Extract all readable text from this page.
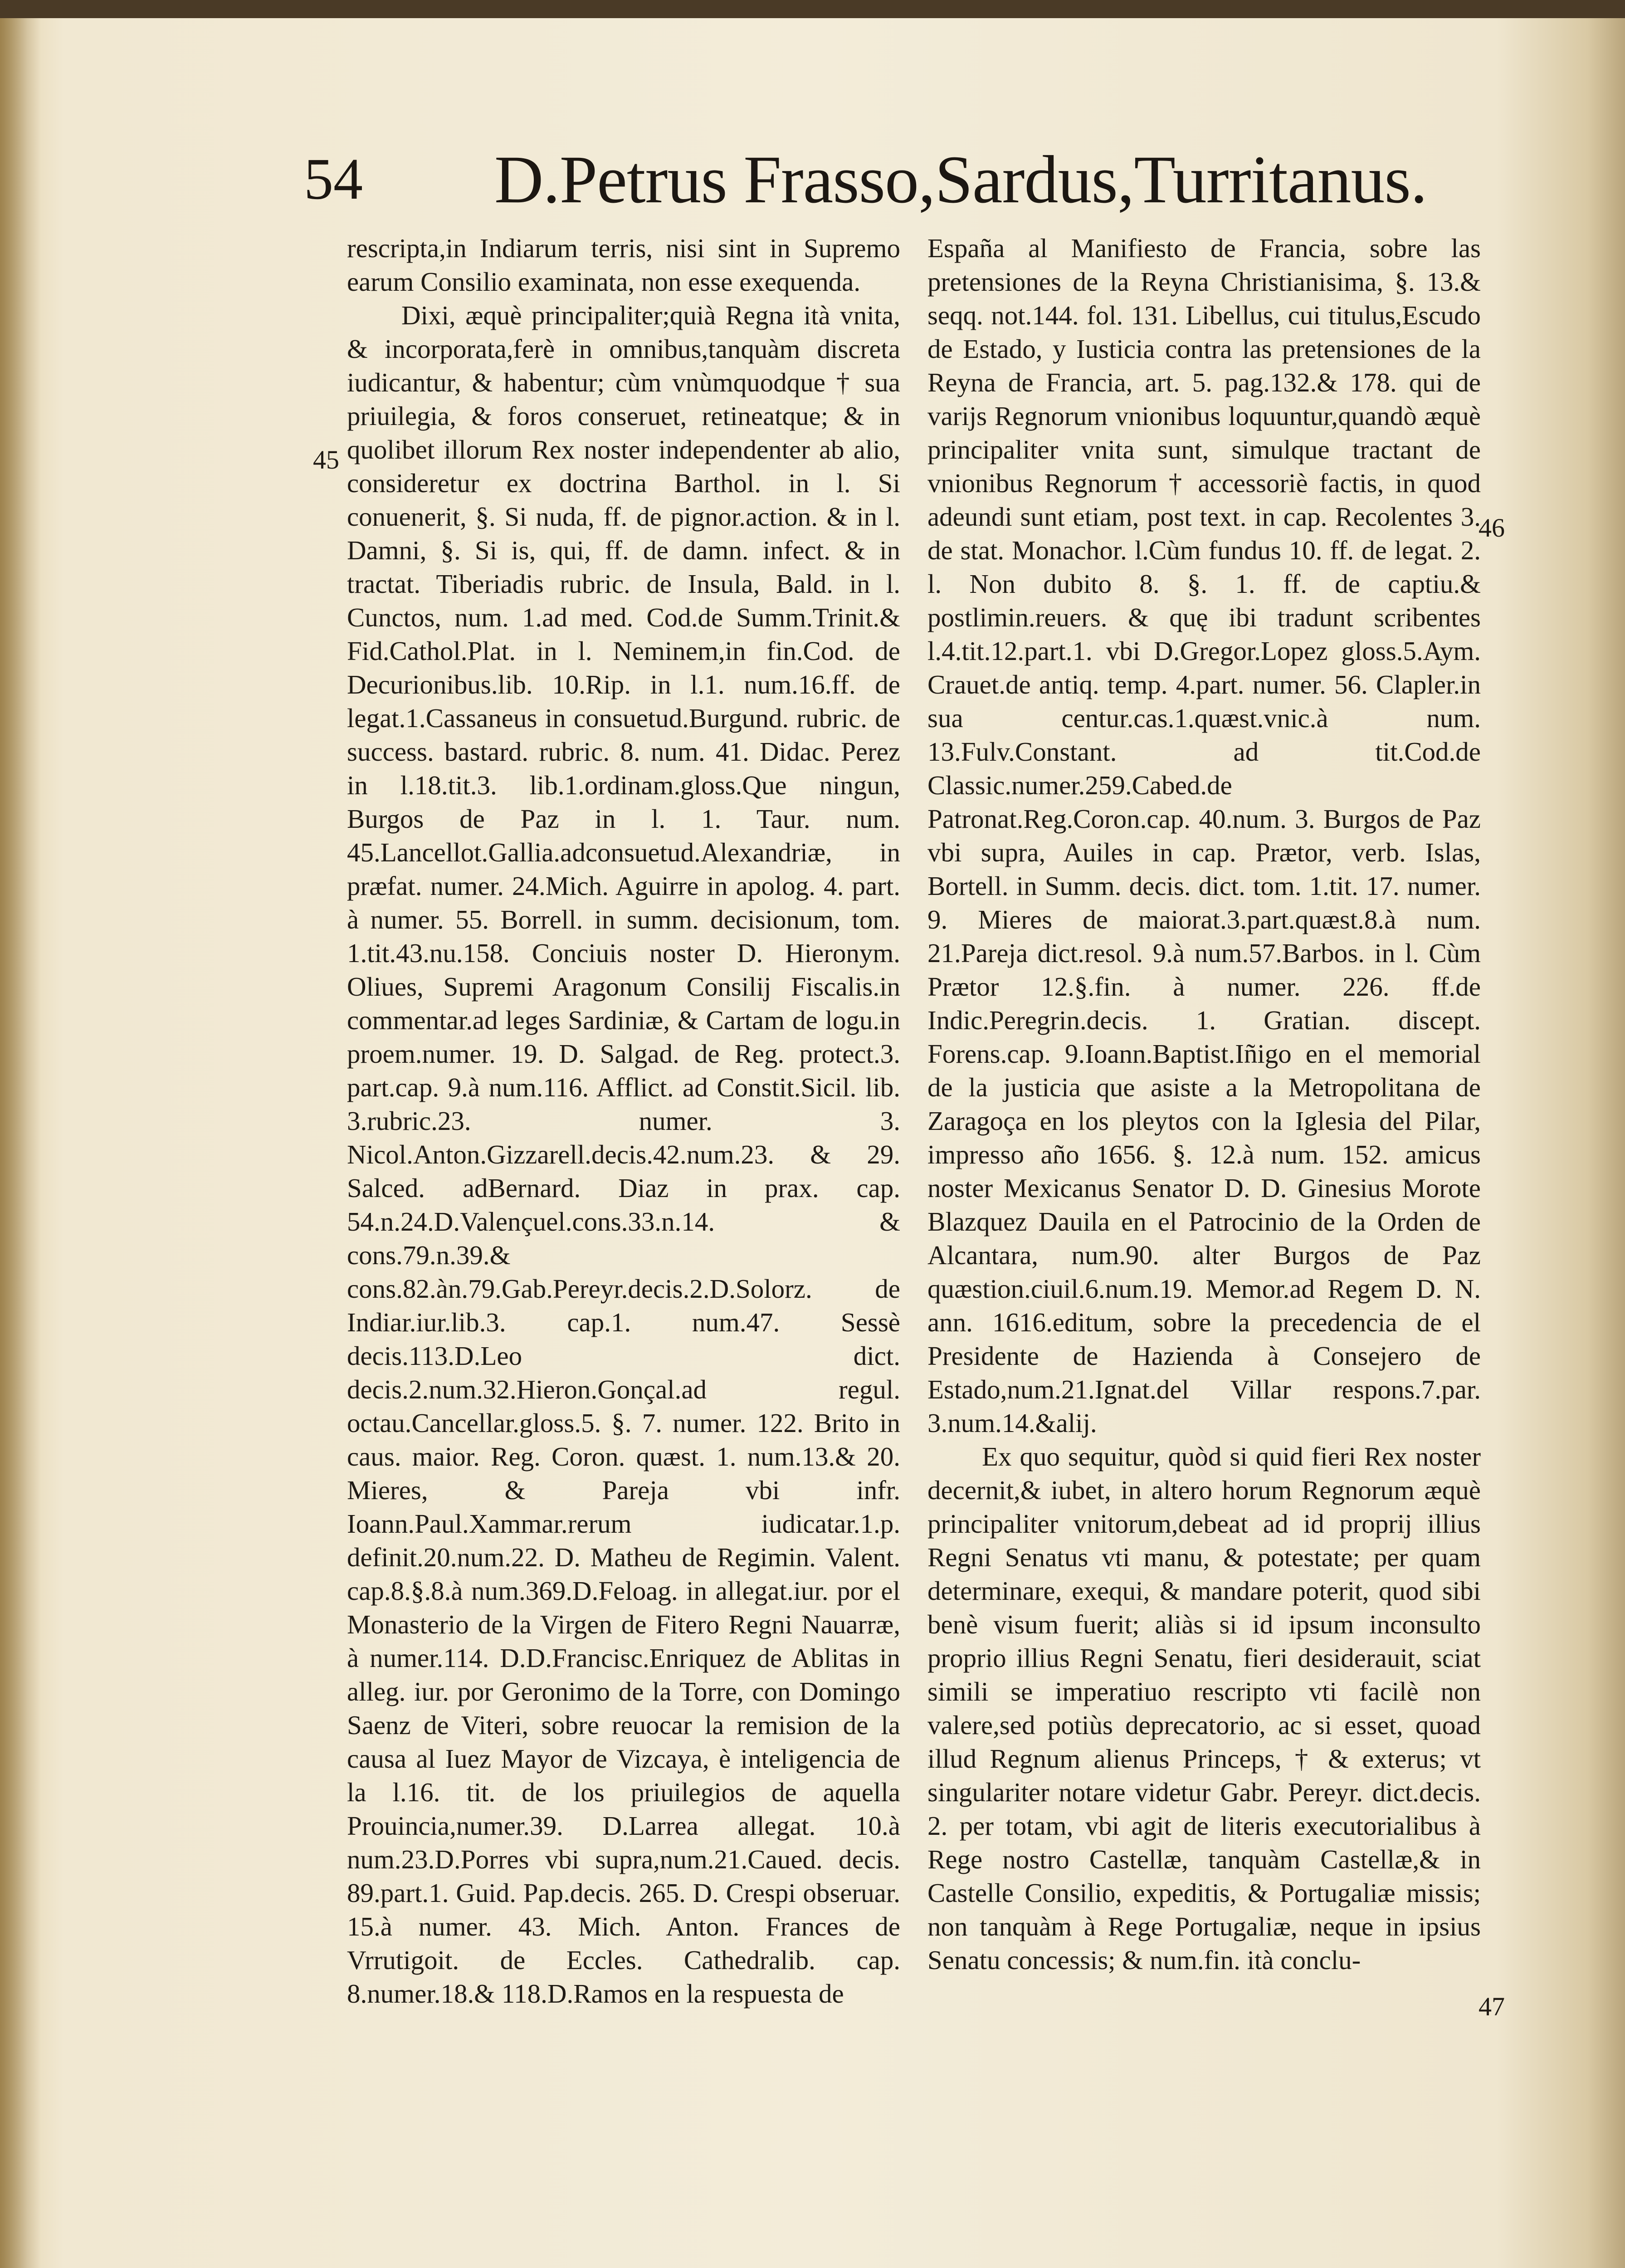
54 D.Petrus Frasso,Sardus,Turritanus.

rescripta,in Indiarum terris, nisi sint in Supremo earum Consilio examinata, non esse exequenda.

Dixi, æquè principaliter;quià Regna ità vnita, & incorporata,ferè in omnibus,tanquàm discreta iudicantur, & habentur; cùm vnùmquodque † sua priuilegia, & foros conseruet, retineatque; & in quolibet illorum Rex noster independenter ab alio, consideretur ex doctrina Barthol. in l. Si conuenerit, §. Si nuda, ff. de pignor.action. & in l. Damni, §. Si is, qui, ff. de damn. infect. & in tractat. Tiberiadis rubric. de Insula, Bald. in l. Cunctos, num. 1.ad med. Cod.de Summ.Trinit.& Fid.Cathol.Plat. in l. Neminem,in fin.Cod. de Decurionibus.lib. 10.Rip. in l.1. num.16.ff. de legat.1.Cassaneus in consuetud.Burgund. rubric. de success. bastard. rubric. 8. num. 41. Didac. Perez in l.18.tit.3. lib.1.ordinam.gloss.Que ningun, Burgos de Paz in l. 1. Taur. num. 45.Lancellot.Gallia.adconsuetud.Alexandriæ, in præfat. numer. 24.Mich. Aguirre in apolog. 4. part. à numer. 55. Borrell. in summ. decisionum, tom. 1.tit.43.nu.158. Conciuis noster D. Hieronym. Oliues, Supremi Aragonum Consilij Fiscalis.in commentar.ad leges Sardiniæ, & Cartam de logu.in proem.numer. 19. D. Salgad. de Reg. protect.3. part.cap. 9.à num.116. Afflict. ad Constit.Sicil. lib. 3.rubric.23. numer. 3. Nicol.Anton.Gizzarell.decis.42.num.23. & 29. Salced. adBernard. Diaz in prax. cap. 54.n.24.D.Valençuel.cons.33.n.14. & cons.79.n.39.& cons.82.àn.79.Gab.Pereyr.decis.2.D.Solorz. de Indiar.iur.lib.3. cap.1. num.47. Sessè decis.113.D.Leo dict. decis.2.num.32.Hieron.Gonçal.ad regul. octau.Cancellar.gloss.5. §. 7. numer. 122. Brito in caus. maior. Reg. Coron. quæst. 1. num.13.& 20. Mieres, & Pareja vbi infr. Ioann.Paul.Xammar.rerum iudicatar.1.p. definit.20.num.22. D. Matheu de Regimin. Valent. cap.8.§.8.à num.369.D.Feloag. in allegat.iur. por el Monasterio de la Virgen de Fitero Regni Nauarræ, à numer.114. D.D.Francisc.Enriquez de Ablitas in alleg. iur. por Geronimo de la Torre, con Domingo Saenz de Viteri, sobre reuocar la remision de la causa al Iuez Mayor de Vizcaya, è inteligencia de la l.16. tit. de los priuilegios de aquella Prouincia,numer.39. D.Larrea allegat. 10.à num.23.D.Porres vbi supra,num.21.Caued. decis. 89.part.1. Guid. Pap.decis. 265. D. Crespi obseruar. 15.à numer. 43. Mich. Anton. Frances de Vrrutigoit. de Eccles. Cathedralib. cap. 8.numer.18.& 118.D.Ramos en la respuesta de

España al Manifiesto de Francia, sobre las pretensiones de la Reyna Christianisima, §. 13.& seqq. not.144. fol. 131. Libellus, cui titulus,Escudo de Estado, y Iusticia contra las pretensiones de la Reyna de Francia, art. 5. pag.132.& 178. qui de varijs Regnorum vnionibus loquuntur,quandò æquè principaliter vnita sunt, simulque tractant de vnionibus Regnorum † accessoriè factis, in quod adeundi sunt etiam, post text. in cap. Recolentes 3. de stat. Monachor. l.Cùm fundus 10. ff. de legat. 2. l. Non dubito 8. §. 1. ff. de captiu.& postlimin.reuers. & quę ibi tradunt scribentes l.4.tit.12.part.1. vbi D.Gregor.Lopez gloss.5.Aym. Crauet.de antiq. temp. 4.part. numer. 56. Clapler.in sua centur.cas.1.quæst.vnic.à num. 13.Fulv.Constant. ad tit.Cod.de Classic.numer.259.Cabed.de Patronat.Reg.Coron.cap. 40.num. 3. Burgos de Paz vbi supra, Auiles in cap. Prætor, verb. Islas, Bortell. in Summ. decis. dict. tom. 1.tit. 17. numer. 9. Mieres de maiorat.3.part.quæst.8.à num. 21.Pareja dict.resol. 9.à num.57.Barbos. in l. Cùm Prætor 12.§.fin. à numer. 226. ff.de Indic.Peregrin.decis. 1. Gratian. discept. Forens.cap. 9.Ioann.Baptist.Iñigo en el memorial de la justicia que asiste a la Metropolitana de Zaragoça en los pleytos con la Iglesia del Pilar, impresso año 1656. §. 12.à num. 152. amicus noster Mexicanus Senator D. D. Ginesius Morote Blazquez Dauila en el Patrocinio de la Orden de Alcantara, num.90. alter Burgos de Paz quæstion.ciuil.6.num.19. Memor.ad Regem D. N. ann. 1616.editum, sobre la precedencia de el Presidente de Hazienda à Consejero de Estado,num.21.Ignat.del Villar respons.7.par. 3.num.14.&alij.

Ex quo sequitur, quòd si quid fieri Rex noster decernit,& iubet, in altero horum Regnorum æquè principaliter vnitorum,debeat ad id proprij illius Regni Senatus vti manu, & potestate; per quam determinare, exequi, & mandare poterit, quod sibi benè visum fuerit; aliàs si id ipsum inconsulto proprio illius Regni Senatu, fieri desiderauit, sciat simili se imperatiuo rescripto vti facilè non valere,sed potiùs deprecatorio, ac si esset, quoad illud Regnum alienus Princeps, † & exterus; vt singulariter notare videtur Gabr. Pereyr. dict.decis. 2. per totam, vbi agit de literis executorialibus à Rege nostro Castellæ, tanquàm Castellæ,& in Castelle Consilio, expeditis, & Portugaliæ missis; non tanquàm à Rege Portugaliæ, neque in ipsius Senatu concessis; & num.fin. ità conclu-

45
46
47
